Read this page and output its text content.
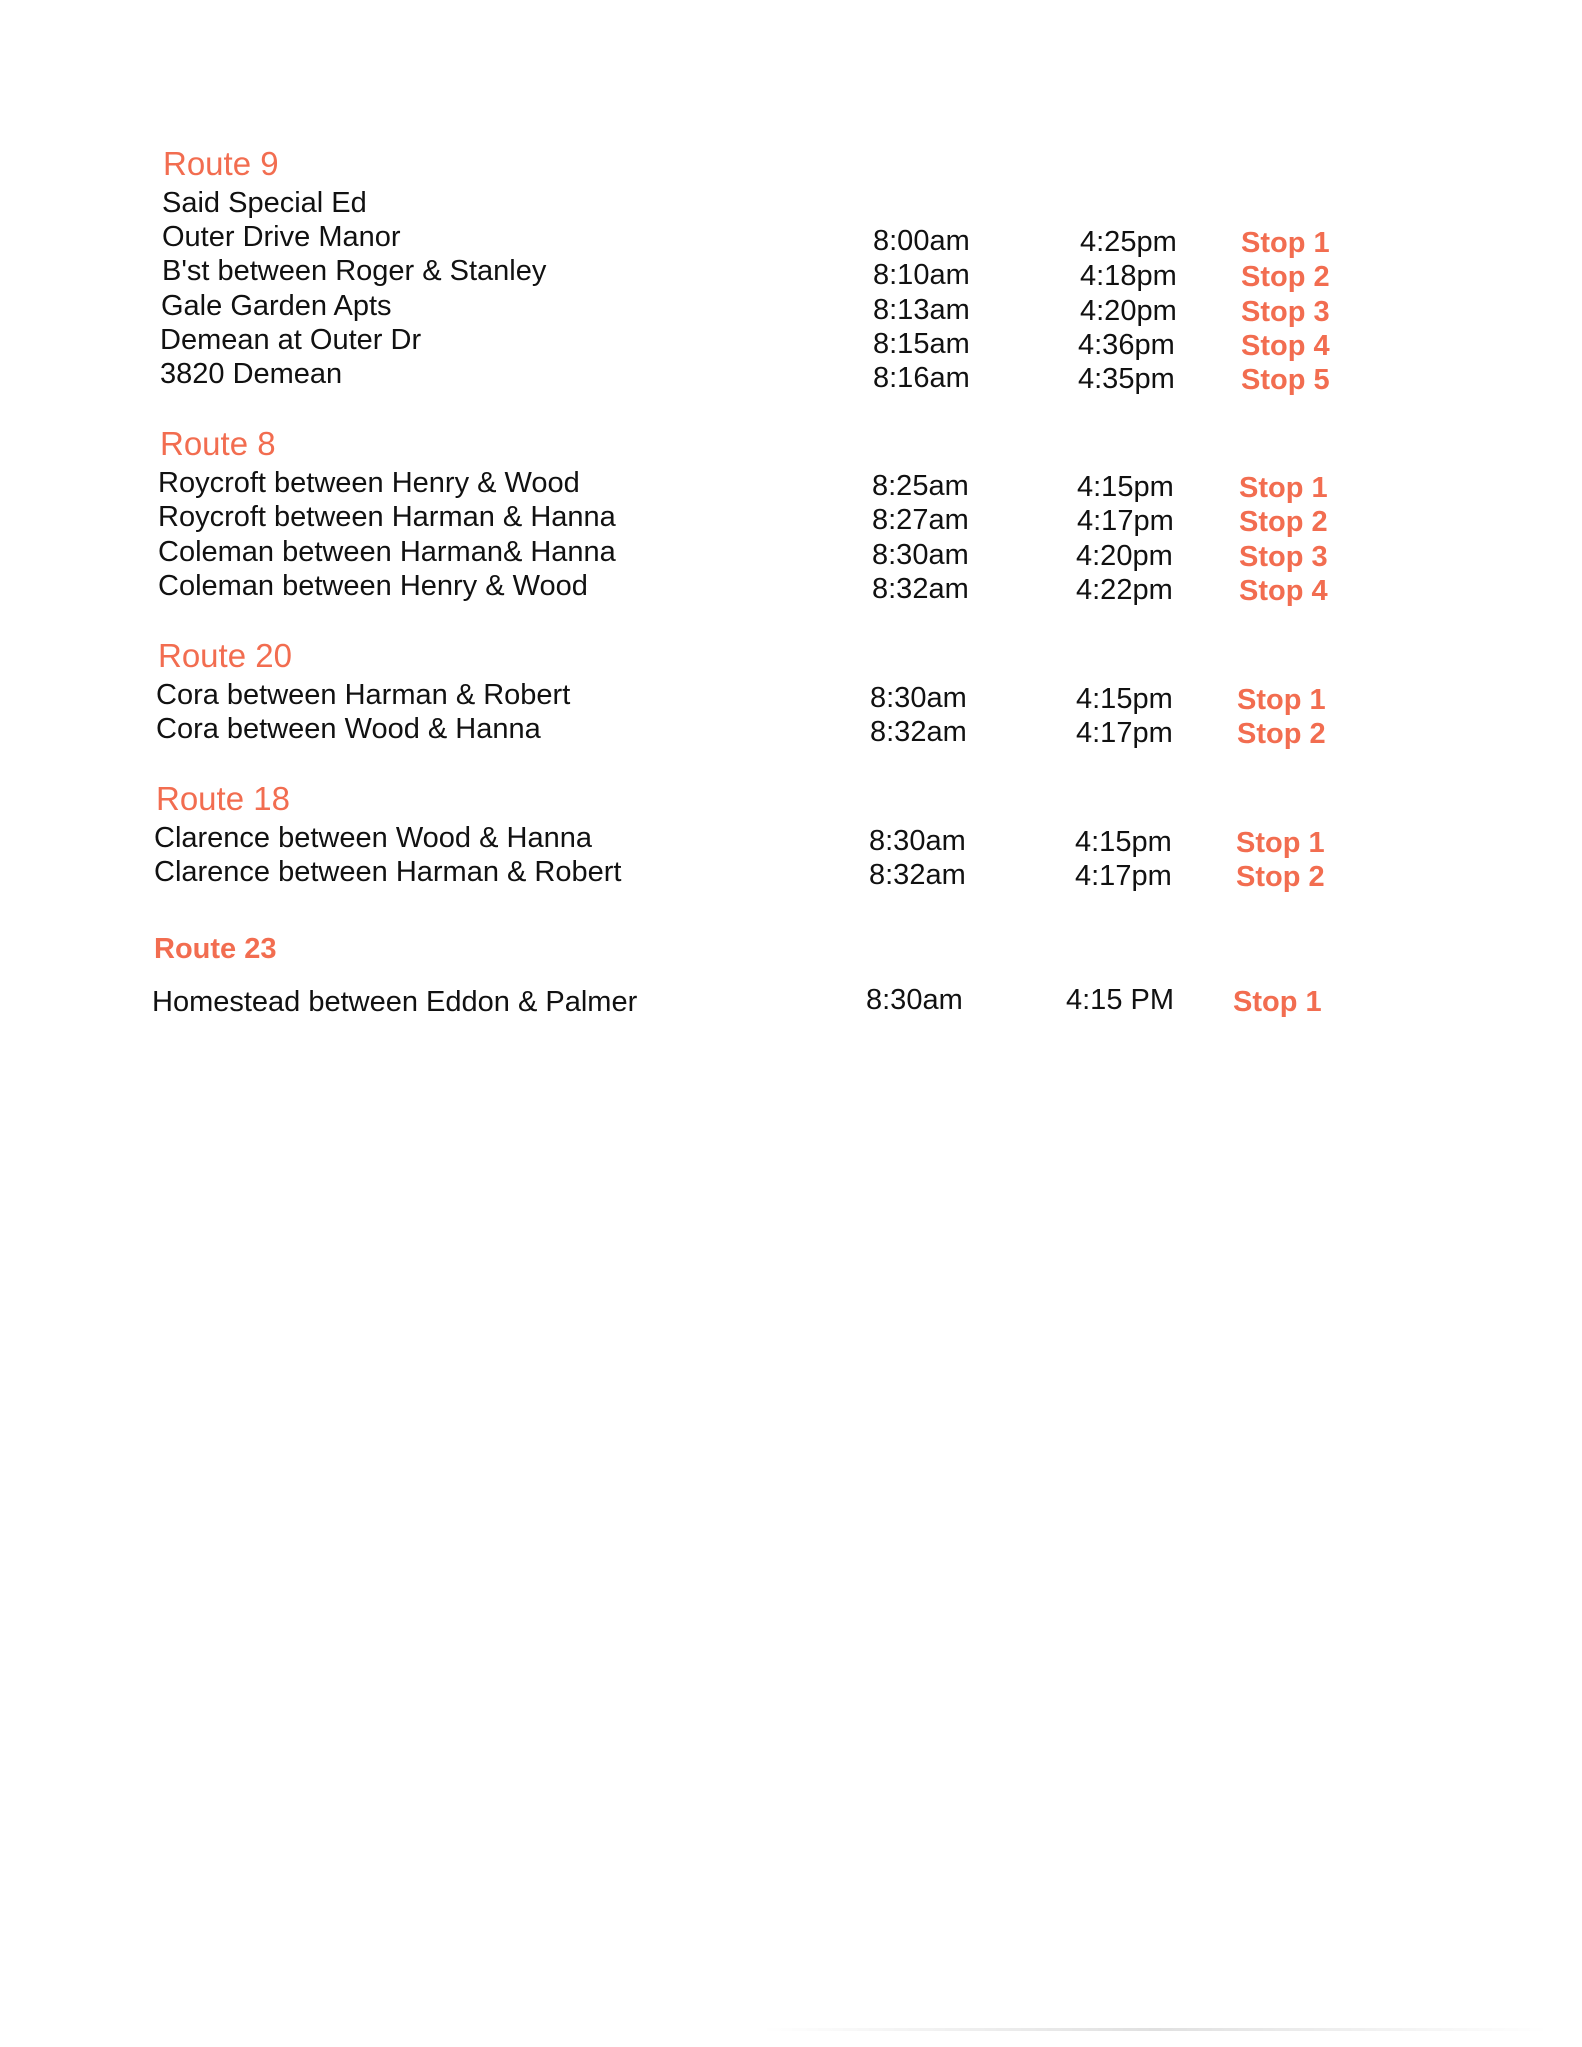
Route 9
Said Special Ed
Outer Drive Manor	8:00am	4:25pm Stop 1
B'st between Roger & Stanley	8:10am	4:18pm Stop 2
Gale Garden Apts	8:13am	4:20pm Stop 3
Demean at Outer Dr	8:15am	4:36pm Stop 4
3820 Demean	8:16am	4:35pm Stop 5
Route 8
Roycroft between Henry & Wood	8:25am	4:15pm Stop 1
Roycroft between Harman & Hanna	8:27am	4:17pm Stop 2
Coleman between Harman& Hanna	8:30am	4:20pm Stop 3
Coleman between Henry & Wood	8:32am	4:22pm Stop 4
Route 20
Cora between Harman & Robert	8:30am	4:15pm Stop 1
Cora between Wood & Hanna	8:32am	4:17pm Stop 2
Route 18
Clarence between Wood & Hanna	8:30am	4:15pm Stop 1
Clarence between Harman & Robert	8:32am	4:17pm Stop 2
Route 23
Homestead between Eddon & Palmer	8:30am	4:15 PM Stop 1
